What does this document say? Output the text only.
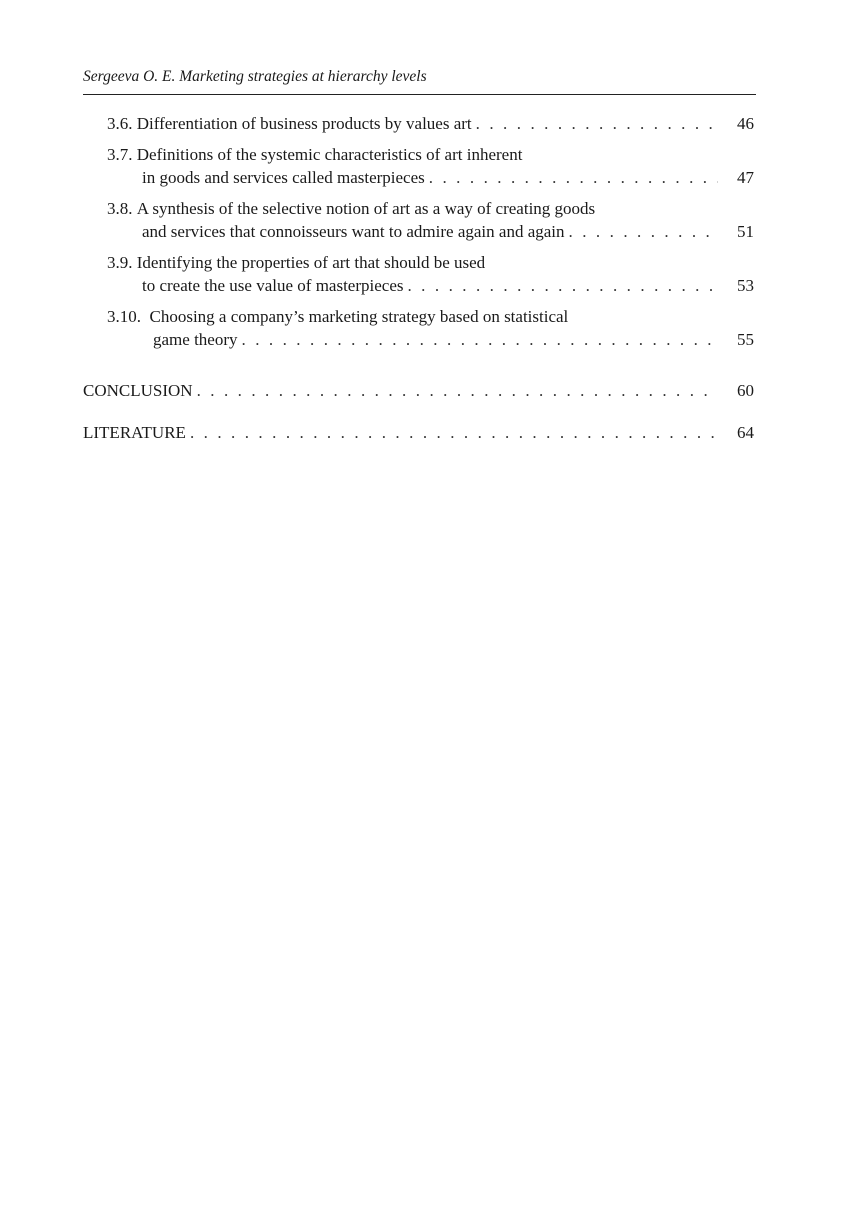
Sergeeva O. E. Marketing strategies at hierarchy levels
3.6. Differentiation of business products by values art . . .	46
3.7. Definitions of the systemic characteristics of art inherent
in goods and services called masterpieces . . .	47
3.8. A synthesis of the selective notion of art as a way of creating goods
and services that connoisseurs want to admire again and again . . .	51
3.9. Identifying the properties of art that should be used
to create the use value of masterpieces . . .	53
3.10. Choosing a company’s marketing strategy based on statistical
game theory . . .	55
CONCLUSION . . .	60
LITERATURE . . .	64
